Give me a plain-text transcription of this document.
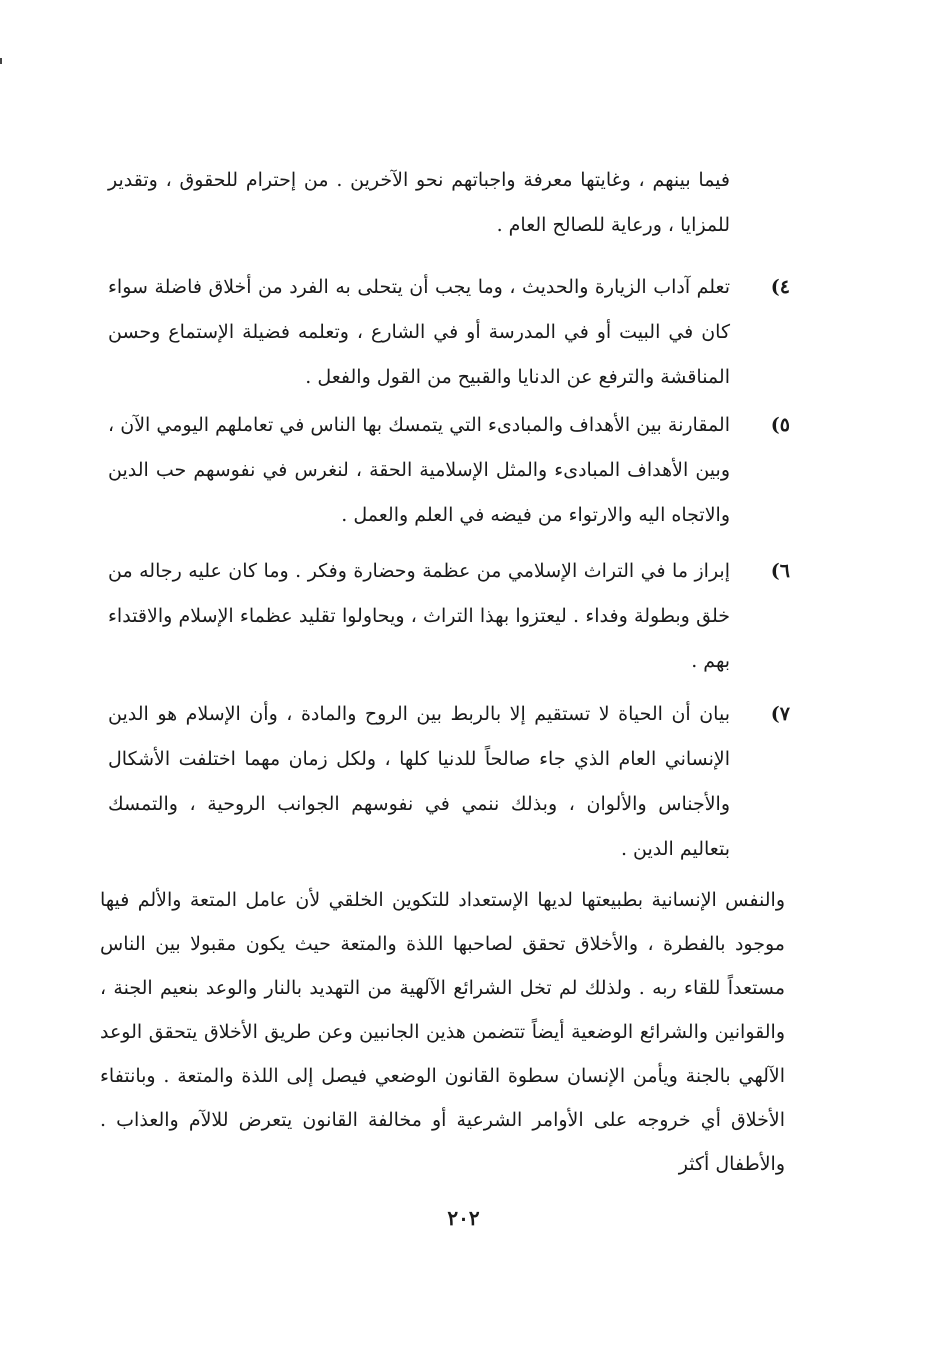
فيما بينهم ، وغايتها معرفة واجباتهم نحو الآخرين . من إحترام للحقوق ، وتقدير للمزايا ، ورعاية للصالح العام .

٤)
تعلم آداب الزيارة والحديث ، وما يجب أن يتحلى به الفرد من أخلاق فاضلة سواء كان في البيت أو في المدرسة أو في الشارع ، وتعلمه فضيلة الإستماع وحسن المناقشة والترفع عن الدنايا والقبيح من القول والفعل .
٥)
المقارنة بين الأهداف والمبادىء التي يتمسك بها الناس في تعاملهم اليومي الآن ، وبين الأهداف المبادىء والمثل الإسلامية الحقة ، لنغرس في نفوسهم حب الدين والاتجاه اليه والارتواء من فيضه في العلم والعمل .
٦)
إبراز ما في التراث الإسلامي من عظمة وحضارة وفكر . وما كان عليه رجاله من خلق وبطولة وفداء . ليعتزوا بهذا التراث ، ويحاولوا تقليد عظماء الإسلام والاقتداء بهم .
٧)
بيان أن الحياة لا تستقيم إلا بالربط بين الروح والمادة ، وأن الإسلام هو الدين الإنساني العام الذي جاء صالحاً للدنيا كلها ، ولكل زمان مهما اختلفت الأشكال والأجناس والألوان ، وبذلك ننمي في نفوسهم الجوانب الروحية ، والتمسك بتعاليم الدين .

والنفس الإنسانية بطبيعتها لديها الإستعداد للتكوين الخلقي لأن عامل المتعة والألم فيها موجود بالفطرة ، والأخلاق تحقق لصاحبها اللذة والمتعة حيث يكون مقبولا بين الناس مستعداً للقاء ربه . ولذلك لم تخل الشرائع الآلهية من التهديد بالنار والوعد بنعيم الجنة ، والقوانين والشرائع الوضعية أيضاً تتضمن هذين الجانبين وعن طريق الأخلاق يتحقق الوعد الآلهي بالجنة ويأمن الإنسان سطوة القانون الوضعي فيصل إلى اللذة والمتعة . وبانتفاء الأخلاق أي خروجه على الأوامر الشرعية أو مخالفة القانون يتعرض للالآم والعذاب . والأطفال أكثر

٢٠٢
